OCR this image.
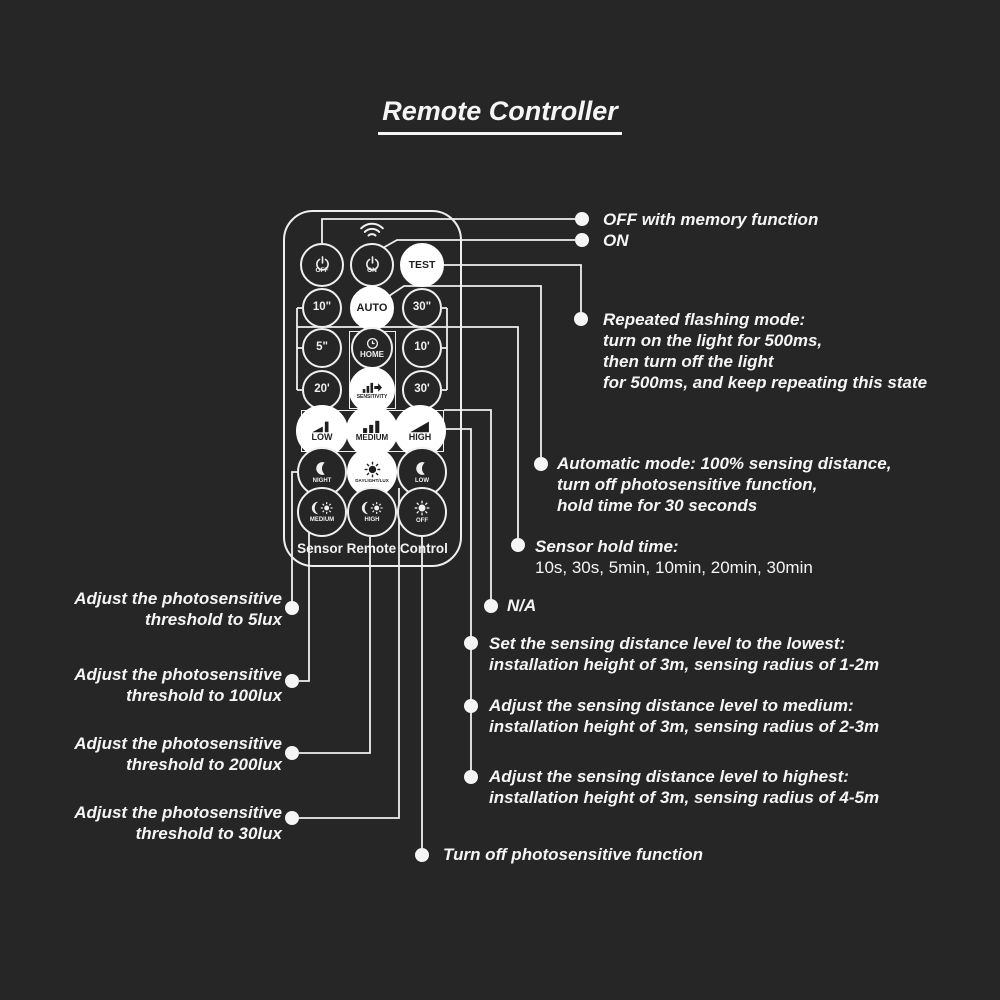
Remote Controller
OFF	ON	TEST
10" AUTO 30"
5"
HOME
10'
20'
SENSITIVITY
30'
LOW	MEDIUM HIGH
NIGHT	DAYLIGHT/LUX	LOW
MEDIUM	HIGH	OFF
Sensor Remote Control
OFF with memory function
ON
Repeated flashing mode:
turn on the light for 500ms,
then turn off the light
for 500ms, and keep repeating this state
Automatic mode: 100% sensing distance,
turn off photosensitive function,
hold time for 30 seconds
Sensor hold time:
10s, 30s, 5min, 10min, 20min, 30min
N/A
Set the sensing distance level to the lowest:
installation height of 3m, sensing radius of 1-2m
Adjust the sensing distance level to medium:
installation height of 3m, sensing radius of 2-3m
Adjust the sensing distance level to highest:
installation height of 3m, sensing radius of 4-5m
Turn off photosensitive function
Adjust the photosensitive
threshold to 5lux
Adjust the photosensitive
threshold to 100lux
Adjust the photosensitive
threshold to 200lux
Adjust the photosensitive
threshold to 30lux
